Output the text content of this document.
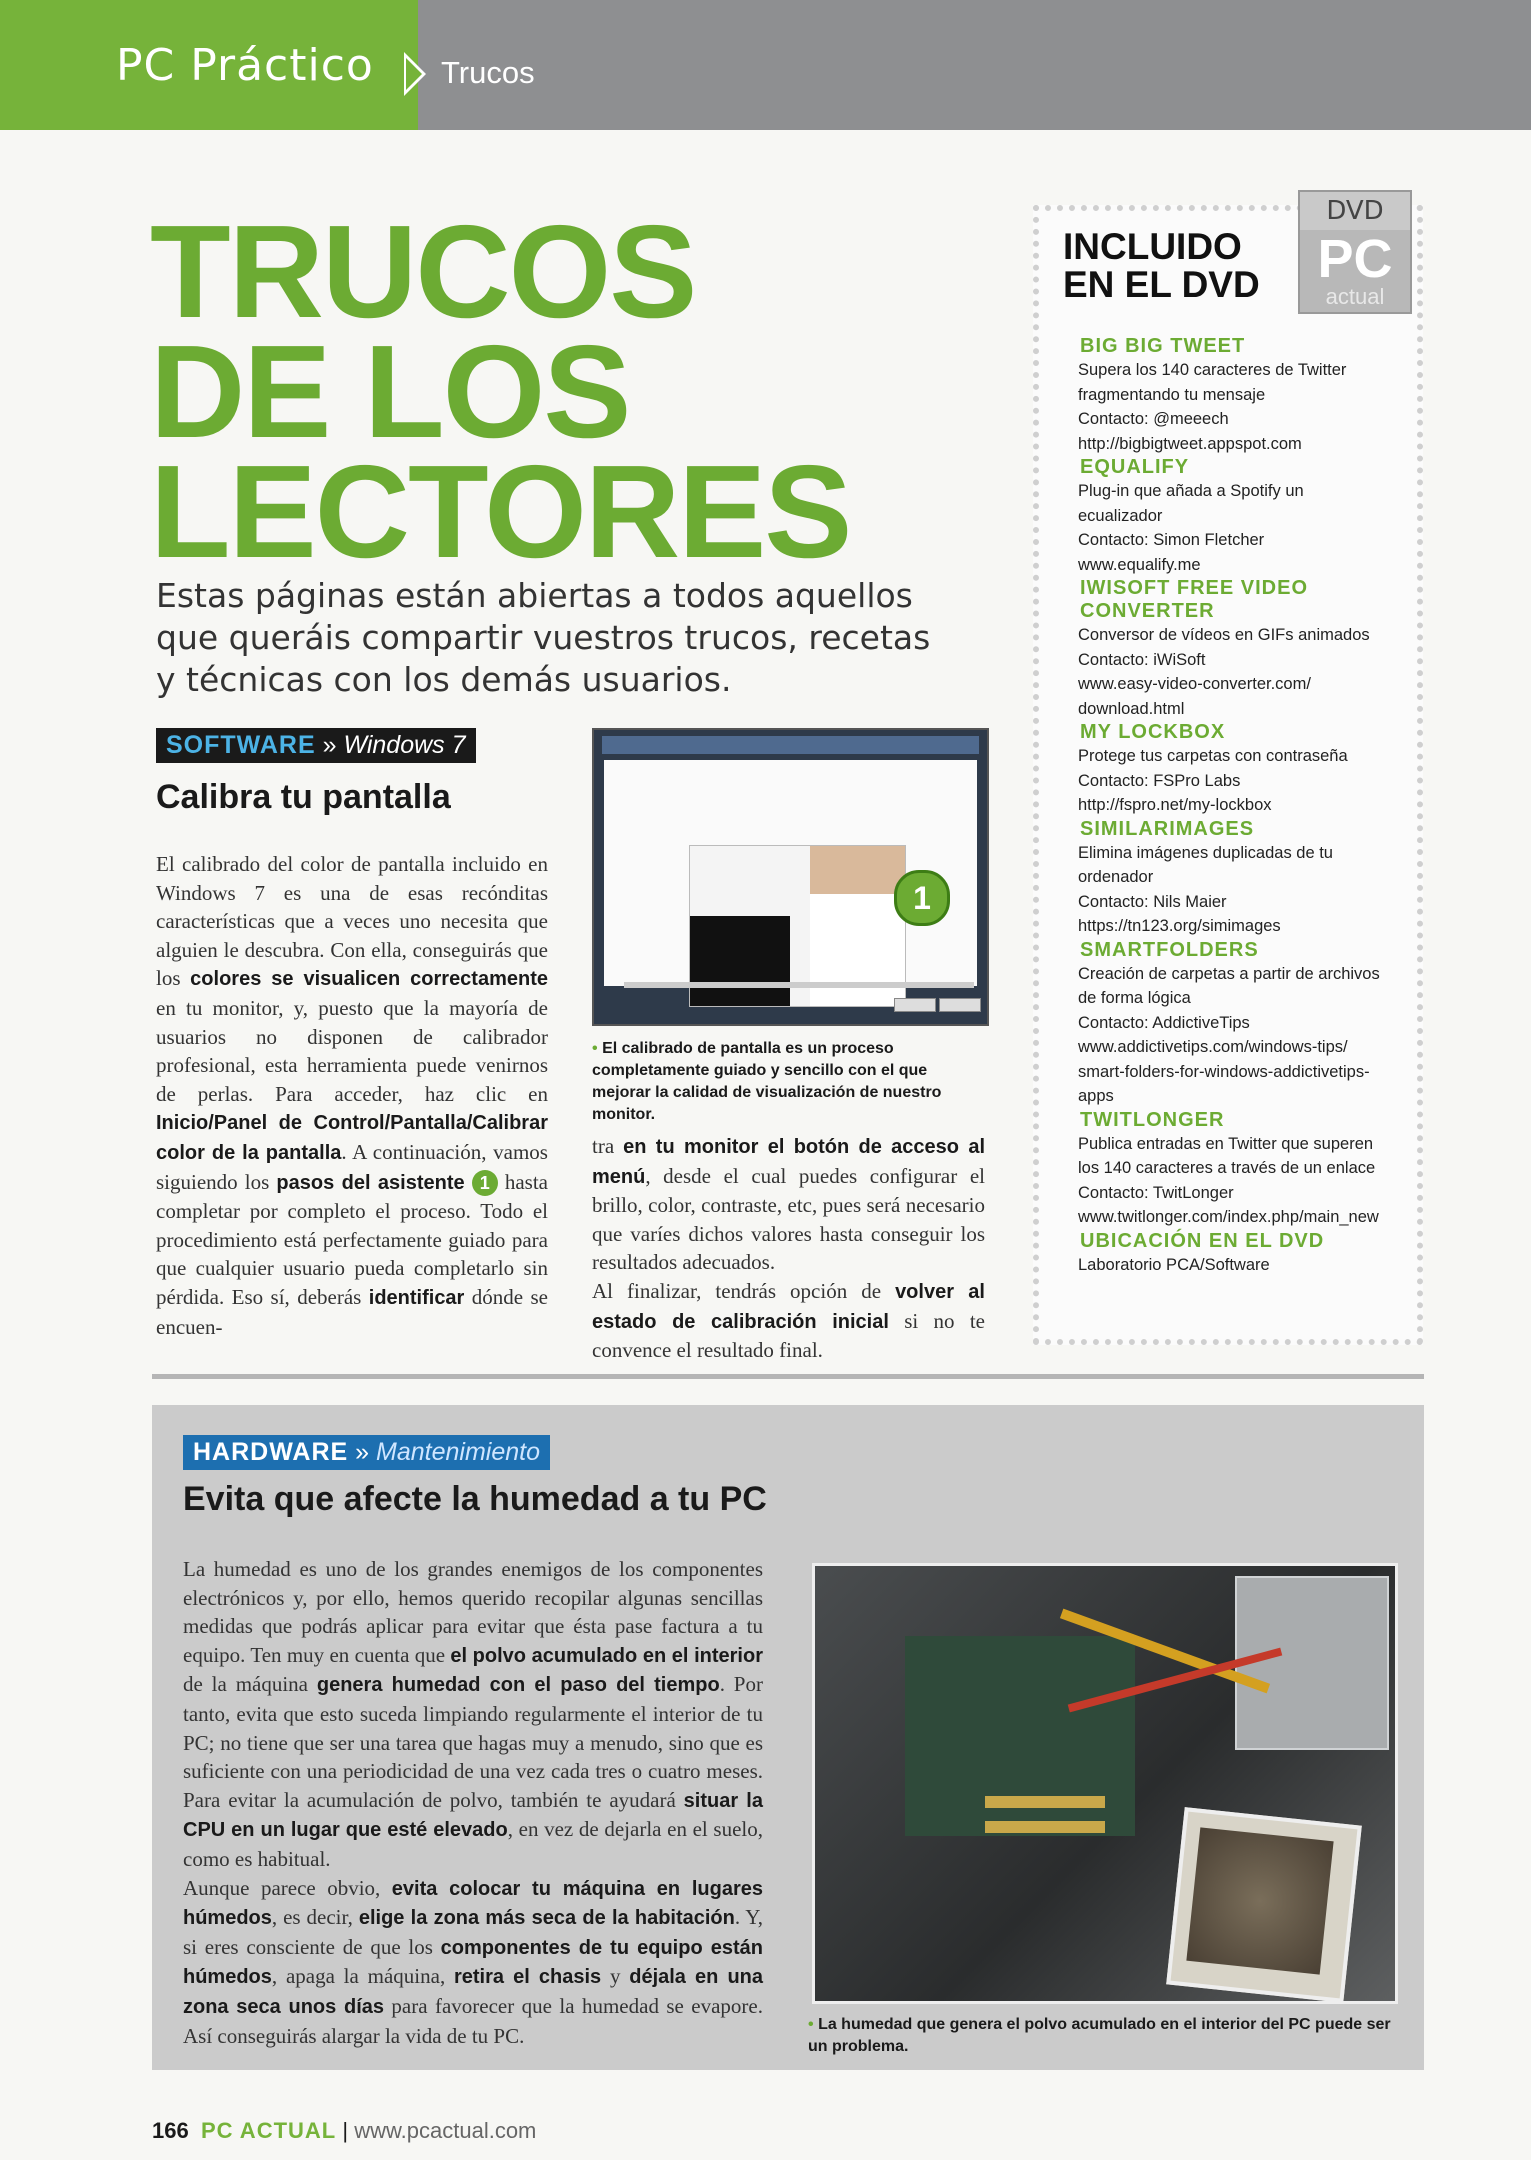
PC Práctico Trucos
TRUCOS
DE LOS
LECTORES
Estas páginas están abiertas a todos aquellos que queráis compartir vuestros trucos, recetas y técnicas con los demás usuarios.
SOFTWARE » Windows 7
Calibra tu pantalla
El calibrado del color de pantalla incluido en Windows 7 es una de esas recónditas características que a veces uno necesita que alguien le descubra. Con ella, conseguirás que los colores se visualicen correctamente en tu monitor, y, puesto que la mayoría de usuarios no disponen de calibrador profesional, esta herramienta puede venirnos de perlas. Para acceder, haz clic en Inicio/Panel de Control/Pantalla/Calibrar color de la pantalla. A continuación, vamos siguiendo los pasos del asistente 1 hasta completar por completo el proceso. Todo el procedimiento está perfectamente guiado para que cualquier usuario pueda completarlo sin pérdida. Eso sí, deberás identificar dónde se encuen-
1
• El calibrado de pantalla es un proceso completamente guiado y sencillo con el que mejorar la calidad de visualización de nuestro monitor.
tra en tu monitor el botón de acceso al menú, desde el cual puedes configurar el brillo, color, contraste, etc, pues será necesario que varíes dichos valores hasta conseguir los resultados adecuados.
Al finalizar, tendrás opción de volver al estado de calibración inicial si no te convence el resultado final.
INCLUIDO
EN EL DVD
DVD
PC
actual
BIG BIG TWEET
Supera los 140 caracteres de Twitter
fragmentando tu mensaje
Contacto: @meeech
http://bigbigtweet.appspot.com
EQUALIFY
Plug-in que añada a Spotify un
ecualizador
Contacto: Simon Fletcher
www.equalify.me
IWISOFT FREE VIDEO CONVERTER
Conversor de vídeos en GIFs animados
Contacto: iWiSoft
www.easy-video-converter.com/
download.html
MY LOCKBOX
Protege tus carpetas con contraseña
Contacto: FSPro Labs
http://fspro.net/my-lockbox
SIMILARIMAGES
Elimina imágenes duplicadas de tu
ordenador
Contacto: Nils Maier
https://tn123.org/simimages
SMARTFOLDERS
Creación de carpetas a partir de archivos
de forma lógica
Contacto: AddictiveTips
www.addictivetips.com/windows-tips/
smart-folders-for-windows-addictivetips-
apps
TWITLONGER
Publica entradas en Twitter que superen
los 140 caracteres a través de un enlace
Contacto: TwitLonger
www.twitlonger.com/index.php/main_new
UBICACIÓN EN EL DVD
Laboratorio PCA/Software
HARDWARE » Mantenimiento
Evita que afecte la humedad a tu PC
La humedad es uno de los grandes enemigos de los componentes electrónicos y, por ello, hemos querido recopilar algunas sencillas medidas que podrás aplicar para evitar que ésta pase factura a tu equipo. Ten muy en cuenta que el polvo acumulado en el interior de la máquina genera humedad con el paso del tiempo. Por tanto, evita que esto suceda limpiando regularmente el interior de tu PC; no tiene que ser una tarea que hagas muy a menudo, sino que es suficiente con una periodicidad de una vez cada tres o cuatro meses. Para evitar la acumulación de polvo, también te ayudará situar la CPU en un lugar que esté elevado, en vez de dejarla en el suelo, como es habitual.
Aunque parece obvio, evita colocar tu máquina en lugares húmedos, es decir, elige la zona más seca de la habitación. Y, si eres consciente de que los componentes de tu equipo están húmedos, apaga la máquina, retira el chasis y déjala en una zona seca unos días para favorecer que la humedad se evapore. Así conseguirás alargar la vida de tu PC.	• La humedad que genera el polvo acumulado en el interior del PC puede ser un problema.
166 PC ACTUAL | www.pcactual.com
